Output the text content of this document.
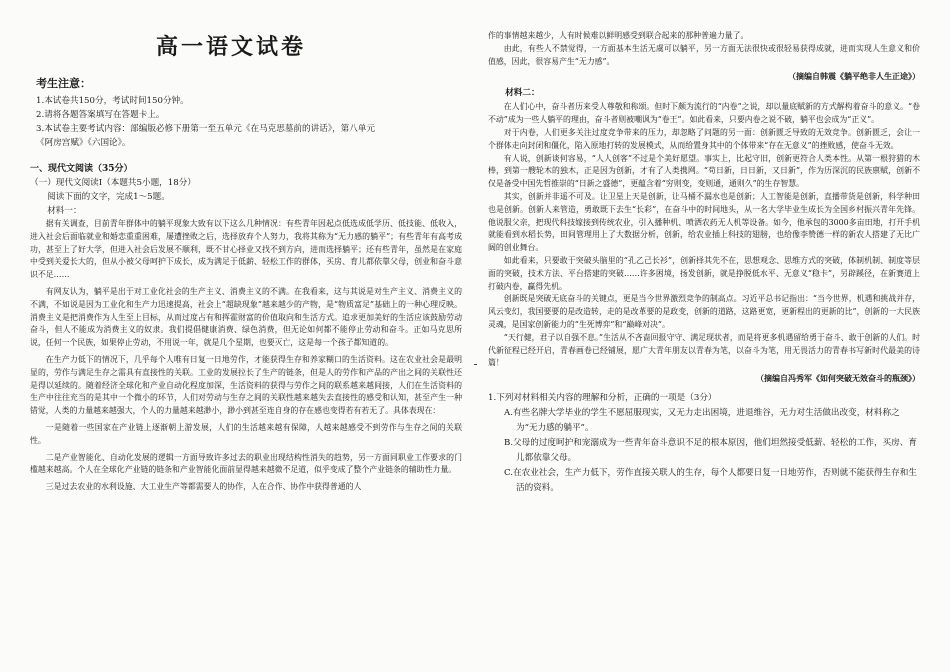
高一语文试卷
考生注意：
1.本试卷共150分，考试时间150分钟。
2.请将各题答案填写在答题卡上。
3.本试卷主要考试内容：部编版必修下册第一至五单元《在马克思墓前的讲话》，第八单元
《阿房宫赋》《六国论》。
一、现代文阅读（35分）
（一）现代文阅读Ⅰ（本题共5小题，18分）
阅读下面的文字，完成1～5题。
材料一：

据有关调查，目前青年群体中的躺平现象大致有以下这么几种情况：有些青年因起点低选成低学历、低技能、低收入，进入社会后面临就业和婚恋重重困难，屡遭挫败之后，选择放弃个人努力，我将其称为“无力感的躺平”；有些青年有高考成功，甚至上了好大学，但进入社会后发展不顺利，既不甘心择业又找不到方向，进而选择躺平；还有些青年，虽然是在家庭中受到关爱长大的，但从小被父母呵护下成长，成为满足于低薪、轻松工作的群体，买房、育儿都依靠父母，创业和奋斗意识不足……

有网友认为，躺平是出于对工业化社会的生产主义、消费主义的不满。在我看来，这与其说是对生产主义、消费主义的不满，不如说是因为工业化和生产力迅速提高，社会上“超缺现象”越来越少的产物，是“物质富足”基础上的一种心理反映。消费主义是把消费作为人生至上目标，从而过度占有和挥霍财富的价值取向和生活方式。追求更加美好的生活应该鼓励劳动奋斗，但人不能成为消费主义的奴隶。我们提倡健康消费、绿色消费，但无论如何都不能停止劳动和奋斗。正如马克思所说，任何一个民族，如果停止劳动，不用说一年，就是几个星期，也要灭亡，这是每一个孩子都知道的。

在生产力低下的情况下，几乎每个人唯有日复一日地劳作，才能获得生存和养家糊口的生活资料。这在农业社会是最明显的，劳作与满足生存之需具有直接性的关联。工业的发展拉长了生产的链条，但是人的劳作和产品的产出之间的关联性还是得以延续的。随着经济全球化和产业自动化程度加深，生活资料的获得与劳作之间的联系越来越间接，人们在生活资料的生产中往往充当的是其中一个微小的环节，人们对劳动与生存之间的关联性越来越失去直接性的感受和认知，甚至产生一种错觉，人类的力量越来越强大，个人的力量越来越渺小，渺小到甚至连自身的存在感也变得若有若无了。具体表现在：

一是随着一些国家在产业链上逐渐朝上游发展，人们的生活越来越有保障，人越来越感受不到劳作与生存之间的关联性。

二是产业智能化、自动化发展的逻辑一方面导致许多过去的职业出现结构性消失的趋势，另一方面同职业工作要求的门槛越来越高。个人在全球化产业链的链条和产业智能化面前显得越来越微不足道，似乎变成了整个产业链条的辅助性力量。

三是过去农业的水利设施、大工业生产等都需要人的协作，人在合作、协作中获得普通的人

作的事情越来越少，人有时候难以鲜明感受到联合起来的那种普遍力量了。

由此，有些人不禁觉得，一方面基本生活无虞可以躺平，另一方面无法很快或很轻易获得成就，进而实现人生意义和价值感，因此，很容易产生“无力感”。

（摘编自韩震《躺平绝非人生正途》）
材料二：

在人们心中，奋斗者历来受人尊敬和称颂。但时下颇为流行的“内卷”之说，却以量底赋新的方式解构着奋斗的意义。“卷不动”成为一些人躺平的理由，奋斗者则被嘲讽为“卷王”。如此看来，只要内卷之说不破，躺平也会成为“正义”。

对于内卷，人们更多关注过度竞争带来的压力，却忽略了问题的另一面：创新匮乏导致的无效竞争。创新匮乏，会让一个群体走向封闭和僵化，陷入原地打转的发展模式，从而给置身其中的个体带来“存在无意义”的挫败感，使奋斗无效。

有人说，创新谈何容易，“人人创客”不过是个美好愿望。事实上，比起守旧，创新更符合人类本性。从第一根狩猎的木棒，到第一艘轮木的独木，正是因为创新，才有了人类携网。“苟日新，日日新，又日新”，作为历深沉的民族禀赋，创新不仅是备受中国先哲推崇的“日新之盛德”，更蕴含着“穷则变，变则通，通则久”的生存智慧。

其实，创新并非遥不可及。让卫星上天是创新，让马桶不漏水也是创新；人工智能是创新，直播带货是创新，科学种田也是创新。创新人来管造，勇敢既下去生“长彩”，在奋斗中的时间地头，从一名大学毕业生成长为全国乡村振兴青年先锋。他说服父亲，把现代科技嫁接到传统农业，引入播种机、喷洒农药无人机等设备。如今，他承包的3000多亩田地，打开手机就能看到水稻长势，田间管理用上了大数据分析，创新，给农业插上科技的翅膀，也给像李赞德一样的新农人搭建了无比广阔的创业舞台。

如此看来，只要敢于突破头脑里的“孔乙己长衫”，创新择其先不在，思想观念、思维方式的突破，体制机制、制度等层面的突破，技术方法、平台搭建的突破……许多困境，扬发创新，就是挣脱低水平、无意义“稳卡”，另辟蹊径，在新赛道上打破内卷，赢得先机。

创新既是突破无底奋斗的关键点，更是当今世界激烈竞争的制高点。习近平总书记指出：“当今世界，机遇和挑战并存，风云变幻，我国要要的是改造转，走的是改革要的是政变，创新的道路，这路更宽，更新程出的更新的比”，创新的一大民族灵魂，是国家创新能力的“生死博弈”和“巅峰对决”。

“天行健，君子以自强不息。”生活从不吝啬回报守守、满足现状者，而是将更多机遇留给勇于奋斗、敢于创新的人们。时代新征程已经开启，青春画卷已经铺展，愿广大青年朋友以青春为笔，以奋斗为笔，用无畏活力的青春书写新时代最美的诗篇！

（摘编自冯秀军《如何突破无效奋斗的瓶颈》）
1.下列对材料相关内容的理解和分析，正确的一项是（3分）
A.有些名牌大学毕业的学生不愿屈服现实，又无力走出困境，进退维谷，无力对生活做出改变，材料称之为“无力感的躺平”。
B.父母的过度呵护和宠溺成为一些青年奋斗意识不足的根本原因，他们坦然接受低薪、轻松的工作，买房、育儿都依靠父母。
C.在农业社会，生产力低下，劳作直接关联人的生存，每个人都要日复一日地劳作，否则就不能获得生存和生活的资料。
